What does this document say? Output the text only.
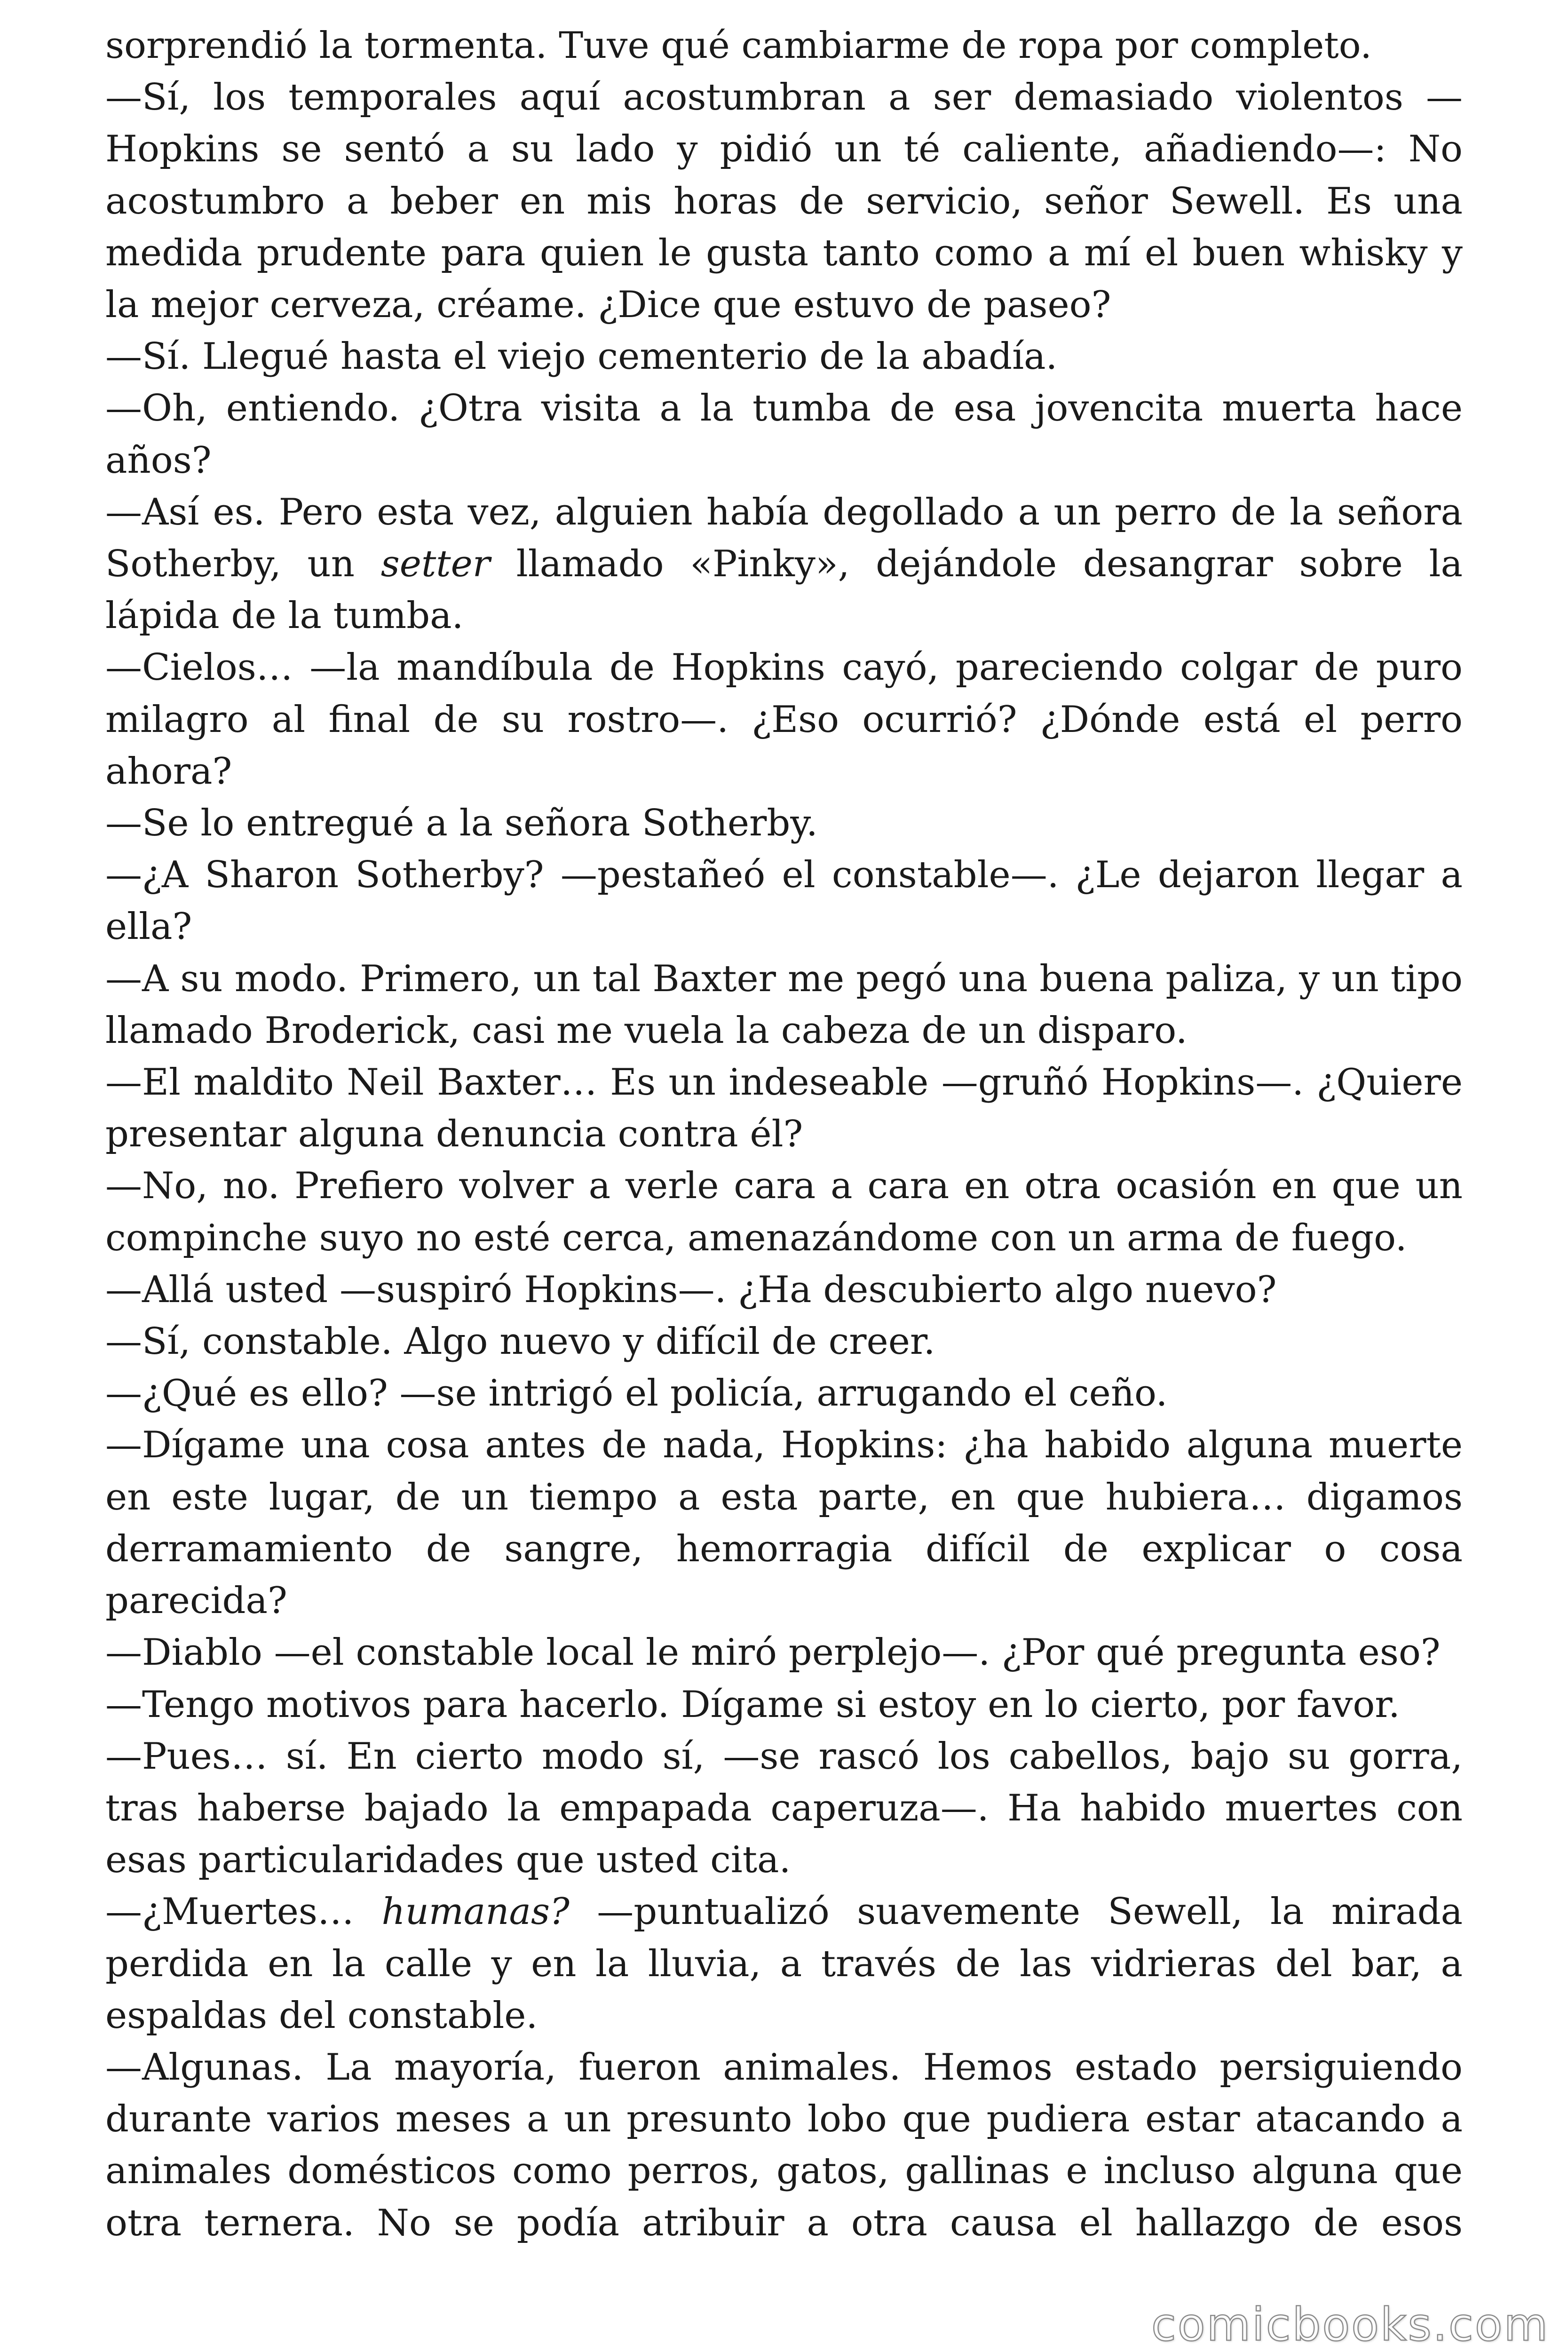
sorprendió la tormenta. Tuve qué cambiarme de ropa por completo.

—Sí, los temporales aquí acostumbran a ser demasiado violentos —Hopkins se sentó a su lado y pidió un té caliente, añadiendo—: No acostumbro a beber en mis horas de servicio, señor Sewell. Es una medida prudente para quien le gusta tanto como a mí el buen whisky y la mejor cerveza, créame. ¿Dice que estuvo de paseo?

—Sí. Llegué hasta el viejo cementerio de la abadía.

—Oh, entiendo. ¿Otra visita a la tumba de esa jovencita muerta hace años?

—Así es. Pero esta vez, alguien había degollado a un perro de la señora Sotherby, un setter llamado «Pinky», dejándole desangrar sobre la lápida de la tumba.

—Cielos… —la mandíbula de Hopkins cayó, pareciendo colgar de puro milagro al final de su rostro—. ¿Eso ocurrió? ¿Dónde está el perro ahora?

—Se lo entregué a la señora Sotherby.

—¿A Sharon Sotherby? —pestañeó el constable—. ¿Le dejaron llegar a ella?

—A su modo. Primero, un tal Baxter me pegó una buena paliza, y un tipo llamado Broderick, casi me vuela la cabeza de un disparo.

—El maldito Neil Baxter… Es un indeseable —gruñó Hopkins—. ¿Quiere presentar alguna denuncia contra él?

—No, no. Prefiero volver a verle cara a cara en otra ocasión en que un compinche suyo no esté cerca, amenazándome con un arma de fuego.

—Allá usted —suspiró Hopkins—. ¿Ha descubierto algo nuevo?

—Sí, constable. Algo nuevo y difícil de creer.

—¿Qué es ello? —se intrigó el policía, arrugando el ceño.

—Dígame una cosa antes de nada, Hopkins: ¿ha habido alguna muerte en este lugar, de un tiempo a esta parte, en que hubiera… digamos derramamiento de sangre, hemorragia difícil de explicar o cosa parecida?

—Diablo —el constable local le miró perplejo—. ¿Por qué pregunta eso?

—Tengo motivos para hacerlo. Dígame si estoy en lo cierto, por favor.

—Pues… sí. En cierto modo sí, —se rascó los cabellos, bajo su gorra, tras haberse bajado la empapada caperuza—. Ha habido muertes con esas particularidades que usted cita.

—¿Muertes… humanas? —puntualizó suavemente Sewell, la mirada perdida en la calle y en la lluvia, a través de las vidrieras del bar, a espaldas del constable.

—Algunas. La mayoría, fueron animales. Hemos estado persiguiendo durante varios meses a un presunto lobo que pudiera estar atacando a animales domésticos como perros, gatos, gallinas e incluso alguna que otra ternera. No se podía atribuir a otra causa el hallazgo de esos

comicbooks.com
